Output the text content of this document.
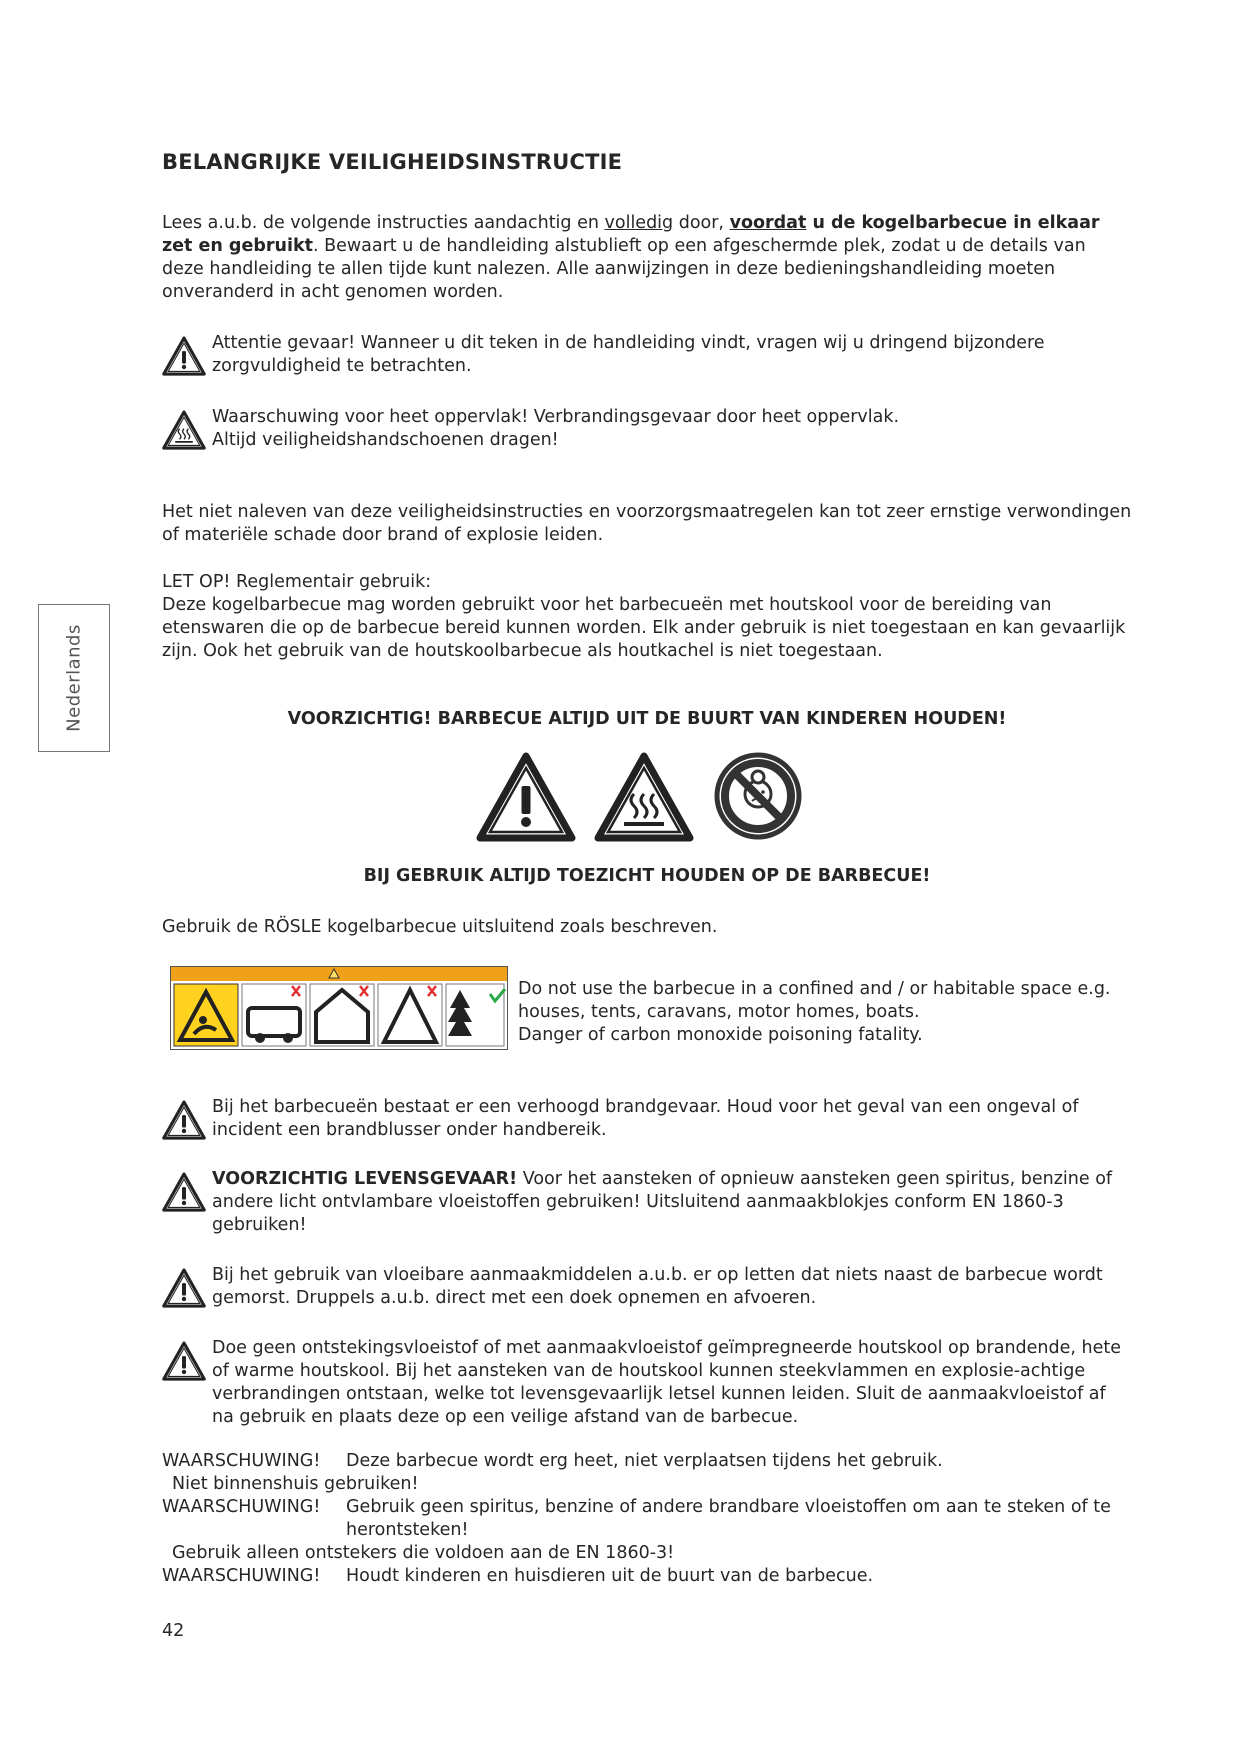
BELANGRIJKE VEILIGHEIDSINSTRUCTIE
Nederlands
Lees a.u.b. de volgende instructies aandachtig en volledig door, voordat u de kogelbarbecue in elkaar zet en gebruikt. Bewaart u de handleiding alstublieft op een afgeschermde plek, zodat u de details van deze handleiding te allen tijde kunt nalezen. Alle aanwijzingen in deze bedieningshandleiding moeten onveranderd in acht genomen worden.
Attentie gevaar! Wanneer u dit teken in de handleiding vindt, vragen wij u dringend bijzondere zorgvuldigheid te betrachten.
Waarschuwing voor heet oppervlak! Verbrandingsgevaar door heet oppervlak.
Altijd veiligheidshandschoenen dragen!
Het niet naleven van deze veiligheidsinstructies en voorzorgsmaatregelen kan tot zeer ernstige verwondingen of materiële schade door brand of explosie leiden.
LET OP! Reglementair gebruik:
Deze kogelbarbecue mag worden gebruikt voor het barbecueën met houtskool voor de bereiding van etenswaren die op de barbecue bereid kunnen worden. Elk ander gebruik is niet toegestaan en kan gevaarlijk zijn. Ook het gebruik van de houtskoolbarbecue als houtkachel is niet toegestaan.
VOORZICHTIG! BARBECUE ALTIJD UIT DE BUURT VAN KINDEREN HOUDEN!
BIJ GEBRUIK ALTIJD TOEZICHT HOUDEN OP DE BARBECUE!
Gebruik de RÖSLE kogelbarbecue uitsluitend zoals beschreven.
Do not use the barbecue in a confined and / or habitable space e.g.
houses, tents, caravans, motor homes, boats.
Danger of carbon monoxide poisoning fatality.
Bij het barbecueën bestaat er een verhoogd brandgevaar. Houd voor het geval van een ongeval of incident een brandblusser onder handbereik.
VOORZICHTIG LEVENSGEVAAR! Voor het aansteken of opnieuw aansteken geen spiritus, benzine of andere licht ontvlambare vloeistoffen gebruiken! Uitsluitend aanmaakblokjes conform EN 1860-3 gebruiken!
Bij het gebruik van vloeibare aanmaakmiddelen a.u.b. er op letten dat niets naast de barbecue wordt gemorst. Druppels a.u.b. direct met een doek opnemen en afvoeren.
Doe geen ontstekingsvloeistof of met aanmaakvloeistof geïmpregneerde houtskool op brandende, hete of warme houtskool. Bij het aansteken van de houtskool kunnen steekvlammen en explosie-achtige verbrandingen ontstaan, welke tot levensgevaarlijk letsel kunnen leiden. Sluit de aanmaakvloeistof af na gebruik en plaats deze op een veilige afstand van de barbecue.
WAARSCHUWING!	Deze barbecue wordt erg heet, niet verplaatsen tijdens het gebruik.
Niet binnenshuis gebruiken!
WAARSCHUWING!	Gebruik geen spiritus, benzine of andere brandbare vloeistoffen om aan te steken of te herontsteken!
Gebruik alleen ontstekers die voldoen aan de EN 1860-3!
WAARSCHUWING!	Houdt kinderen en huisdieren uit de buurt van de barbecue.
42
